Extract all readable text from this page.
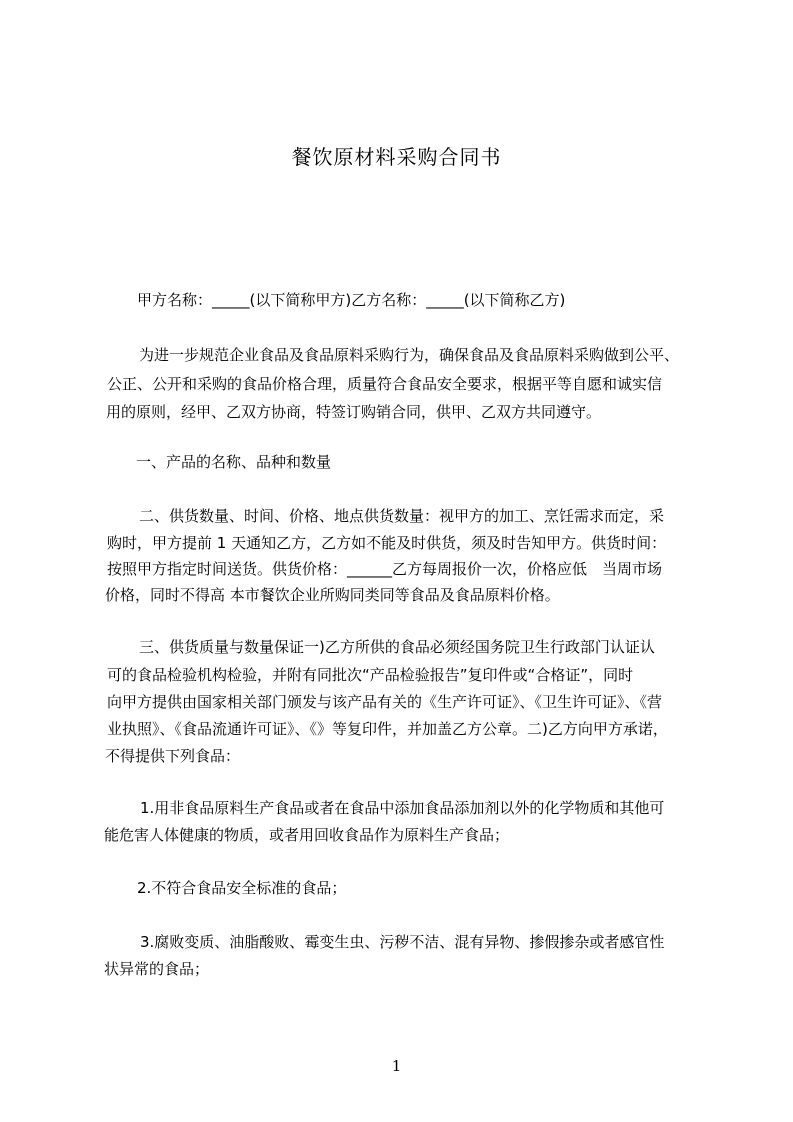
餐饮原材料采购合同书
甲方名称：_____(以下简称甲方)乙方名称：_____(以下简称乙方)
为进一步规范企业食品及食品原料采购行为，确保食品及食品原料采购做到公平、
公正、公开和采购的食品价格合理，质量符合食品安全要求，根据平等自愿和诚实信
用的原则，经甲、乙双方协商，特签订购销合同，供甲、乙双方共同遵守。
一、产品的名称、品种和数量
二、供货数量、时间、价格、地点供货数量：视甲方的加工、烹饪需求而定，采
购时，甲方提前 1 天通知乙方，乙方如不能及时供货，须及时告知甲方。供货时间：
按照甲方指定时间送货。供货价格：______乙方每周报价一次，价格应低　当周市场
价格，同时不得高 本市餐饮企业所购同类同等食品及食品原料价格。
三、供货质量与数量保证一)乙方所供的食品必须经国务院卫生行政部门认证认
可的食品检验机构检验，并附有同批次“产品检验报告”复印件或“合格证”，同时
向甲方提供由国家相关部门颁发与该产品有关的《生产许可证》、《卫生许可证》、《营
业执照》、《食品流通许可证》、《》等复印件，并加盖乙方公章。二)乙方向甲方承诺，
不得提供下列食品：
1.用非食品原料生产食品或者在食品中添加食品添加剂以外的化学物质和其他可
能危害人体健康的物质，或者用回收食品作为原料生产食品；
2.不符合食品安全标准的食品；
3.腐败变质、油脂酸败、霉变生虫、污秽不洁、混有异物、掺假掺杂或者感官性
状异常的食品；
1
